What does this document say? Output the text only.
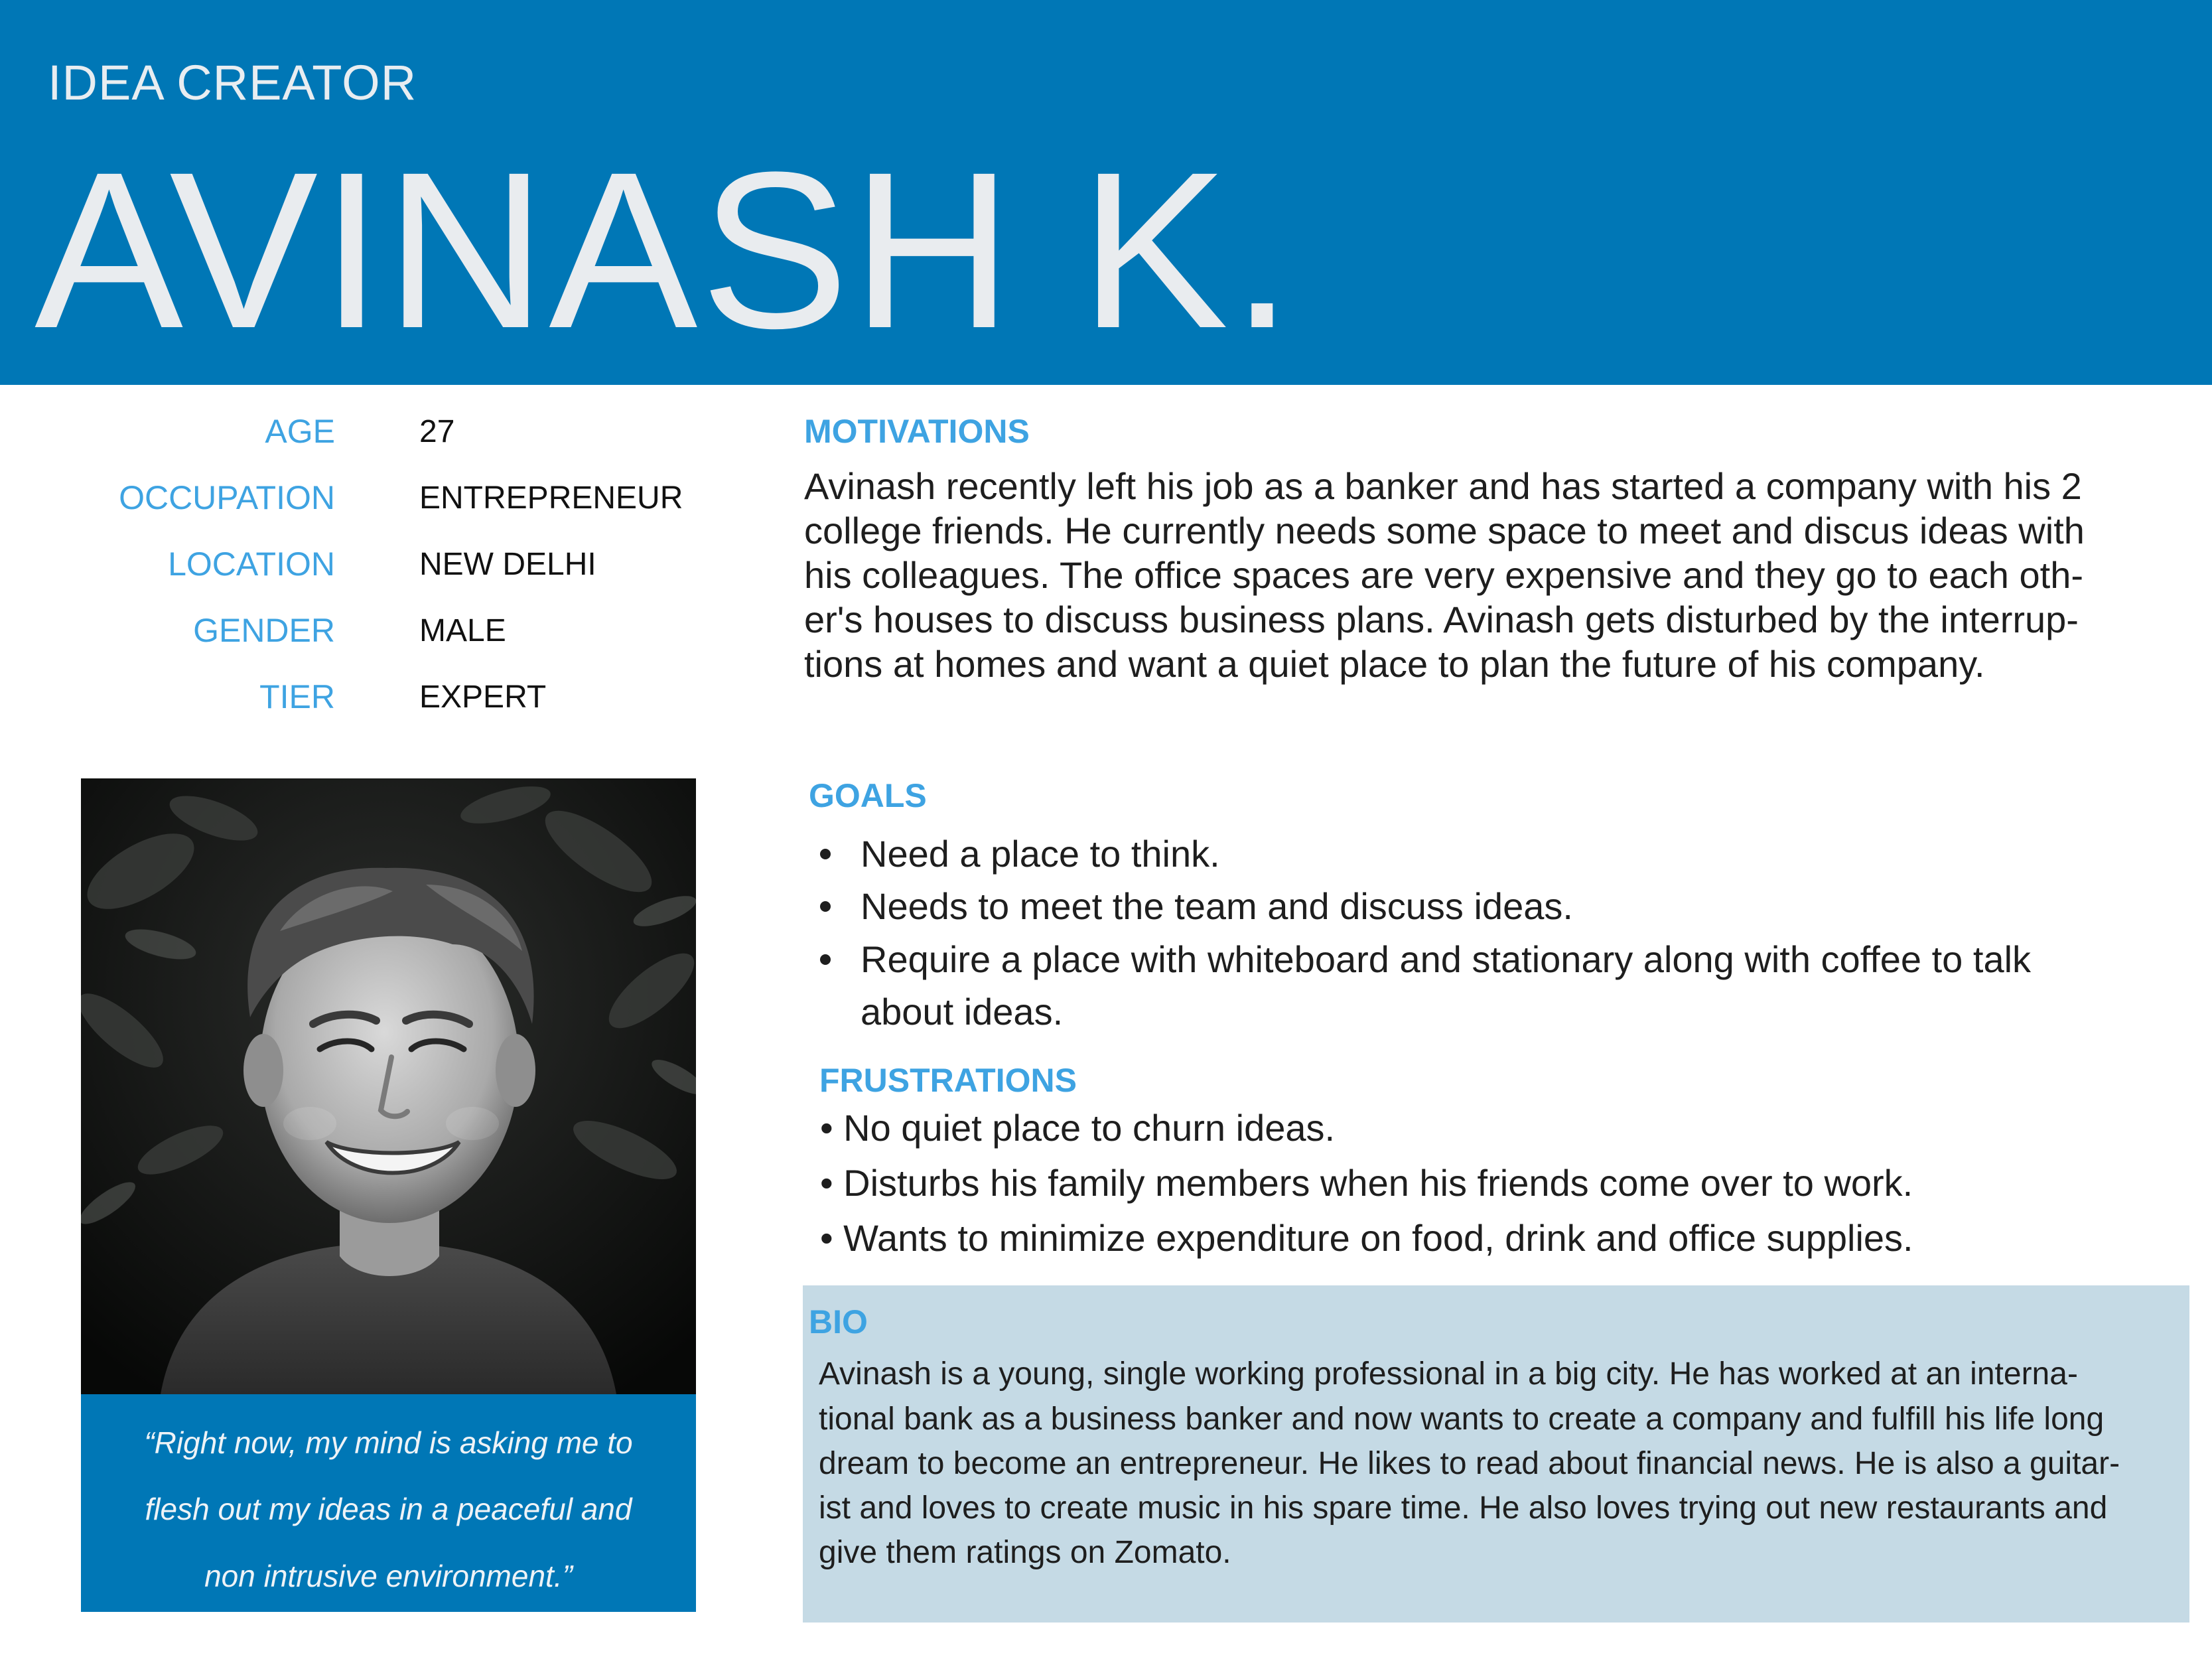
IDEA CREATOR
AVINASH K.
AGE	27
OCCUPATION	ENTREPRENEUR
LOCATION	NEW DELHI
GENDER	MALE
TIER	EXPERT
“Right now, my mind is asking me to
flesh out my ideas in a peaceful and
non intrusive environment.”
MOTIVATIONS
Avinash recently left his job as a banker and has started a company with his 2
college friends. He currently needs some space to meet and discus ideas with
his colleagues. The office spaces are very expensive and they go to each oth-
er's houses to discuss business plans. Avinash gets disturbed by the interrup-
tions at homes and want a quiet place to plan the future of his company.
GOALS
Need a place to think.
Needs to meet the team and discuss ideas.
Require a place with whiteboard and stationary along with coffee to talk
about ideas.
FRUSTRATIONS
• No quiet place to churn ideas.
• Disturbs his family members when his friends come over to work.
• Wants to minimize expenditure on food, drink and office supplies.
BIO
Avinash is a young, single working professional in a big city. He has worked at an interna-
tional bank as a business banker and now wants to create a company and fulfill his life long
dream to become an entrepreneur. He likes to read about financial news. He is also a guitar-
ist and loves to create music in his spare time. He also loves trying out new restaurants and
give them ratings on Zomato.
